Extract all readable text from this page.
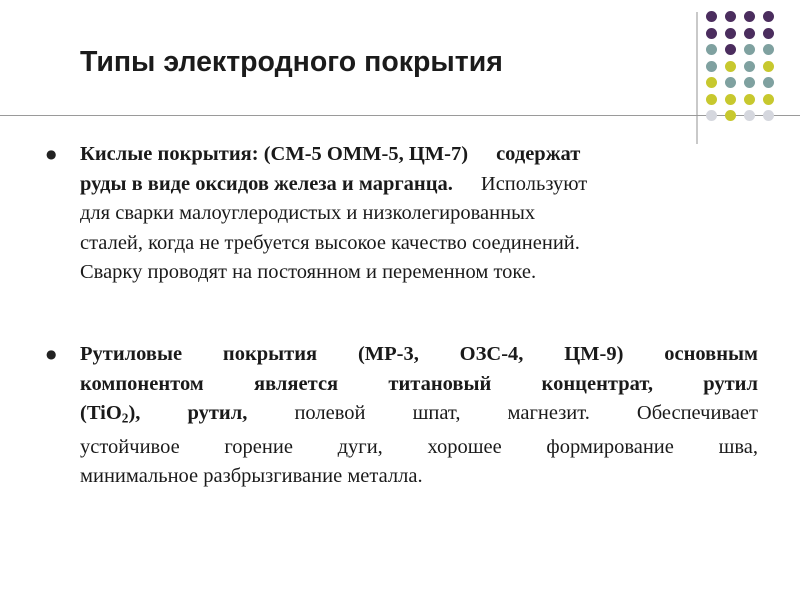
Типы электродного покрытия
● Кислые покрытия: (СМ-5 ОММ-5, ЦМ-7) содержат

руды в виде оксидов железа и марганца. Используют

для сварки малоуглеродистых и низколегированных

сталей, когда не требуется высокое качество соединений.

Сварку проводят на постоянном и переменном токе.

● Рутиловые покрытия (МР-3, ОЗС-4, ЦМ-9) основным

компонентом является титановый концентрат, рутил

(TiO$_2$), рутил, полевой шпат, магнезит. Обеспечивает

устойчивое горение дуги, хорошее формирование шва,

минимальное разбрызгивание металла.
